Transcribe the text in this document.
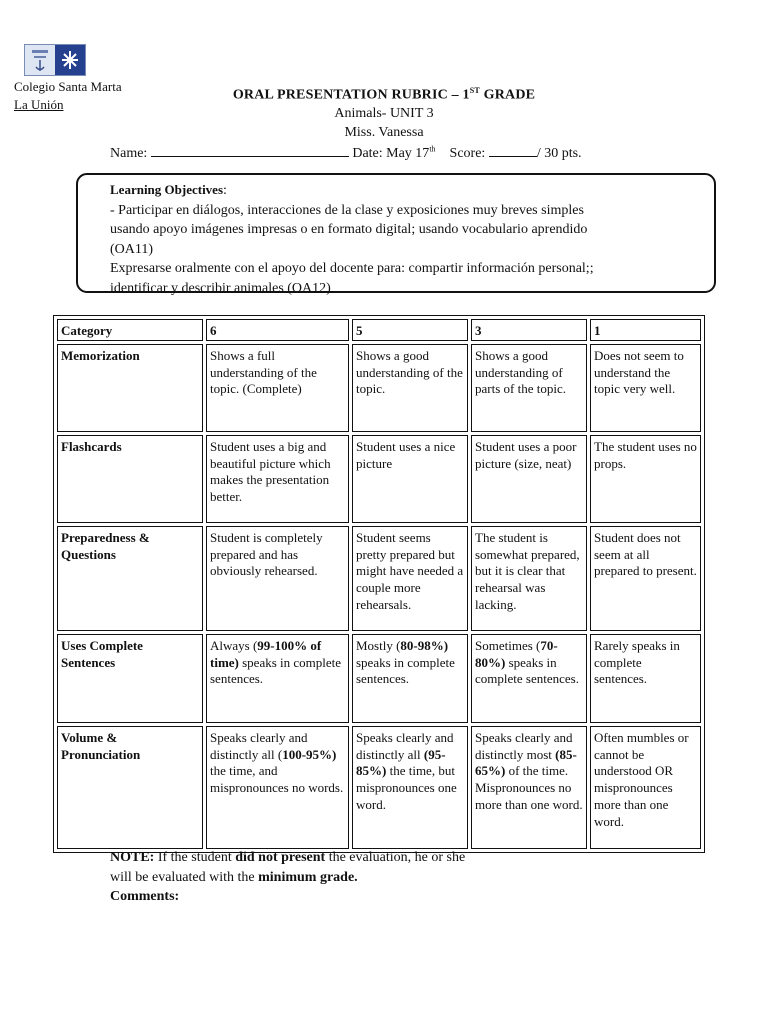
Colegio Santa Marta
La Unión
ORAL PRESENTATION RUBRIC – 1ST GRADE
Animals- UNIT 3
Miss. Vanessa
Name:	Date: May 17th Score:	/ 30 pts.
Learning Objectives:
- Participar en diálogos, interacciones de la clase y exposiciones muy breves simples
usando apoyo imágenes impresas o en formato digital; usando vocabulario aprendido
(OA11)
Expresarse oralmente con el apoyo del docente para: compartir información personal;;
identificar y describir animales (OA12)
Category	6	5	3	1
Memorization	Shows a full understanding of the topic. (Complete)	Shows a good understanding of the topic.	Shows a good understanding of parts of the topic.	Does not seem to understand the topic very well.
Flashcards	Student uses a big and beautiful picture which makes the presentation better.	Student uses a nice picture	Student uses a poor picture (size, neat)	The student uses no props.
Preparedness & Questions	Student is completely prepared and has obviously rehearsed.	Student seems pretty prepared but might have needed a couple more rehearsals.	The student is somewhat prepared, but it is clear that rehearsal was lacking.	Student does not seem at all prepared to present.
Uses Complete Sentences	Always (99-100% of time) speaks in complete sentences.	Mostly (80-98%) speaks in complete sentences.	Sometimes (70-80%) speaks in complete sentences.	Rarely speaks in complete sentences.
Volume & Pronunciation	Speaks clearly and distinctly all (100-95%) the time, and mispronounces no words.	Speaks clearly and distinctly all (95-85%) the time, but mispronounces one word.	Speaks clearly and distinctly most (85-65%) of the time. Mispronounces no more than one word.	Often mumbles or cannot be understood OR mispronounces more than one word.
NOTE: If the student did not present the evaluation, he or she
will be evaluated with the minimum grade.
Comments:
